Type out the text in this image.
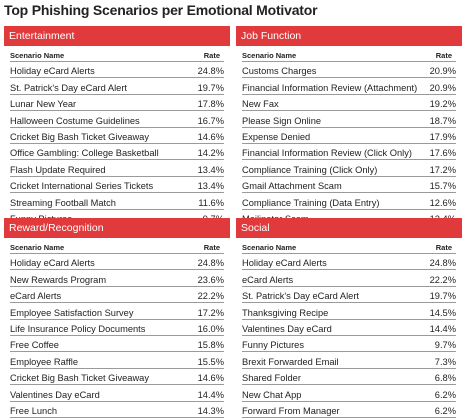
Top Phishing Scenarios per Emotional Motivator
Entertainment
Scenario Name	Rate
Holiday eCard Alerts	24.8%
St. Patrick's Day eCard Alert	19.7%
Lunar New Year	17.8%
Halloween Costume Guidelines	16.7%
Cricket Big Bash Ticket Giveaway	14.6%
Office Gambling: College Basketball	14.2%
Flash Update Required	13.4%
Cricket International Series Tickets	13.4%
Streaming Football Match	11.6%
Job Function
Scenario Name	Rate
Customs Charges	20.9%
Financial Information Review (Attachment)	20.9%
New Fax	19.2%
Please Sign Online	18.7%
Expense Denied	17.9%
Financial Information Review (Click Only)	17.6%
Compliance Training (Click Only)	17.2%
Gmail Attachment Scam	15.7%
Compliance Training (Data Entry)	12.6%
Reward/Recognition
Scenario Name	Rate
Holiday eCard Alerts	24.8%
New Rewards Program	23.6%
eCard Alerts	22.2%
Employee Satisfaction Survey	17.2%
Life Insurance Policy Documents	16.0%
Free Coffee	15.8%
Employee Raffle	15.5%
Cricket Big Bash Ticket Giveaway	14.6%
Valentines Day eCard	14.4%
Free Lunch	14.3%
Social
Scenario Name	Rate
Holiday eCard Alerts	24.8%
eCard Alerts	22.2%
St. Patrick's Day eCard Alert	19.7%
Thanksgiving Recipe	14.5%
Valentines Day eCard	14.4%
Funny Pictures	9.7%
Brexit Forwarded Email	7.3%
Shared Folder	6.8%
New Chat App	6.2%
Forward From Manager	6.2%
